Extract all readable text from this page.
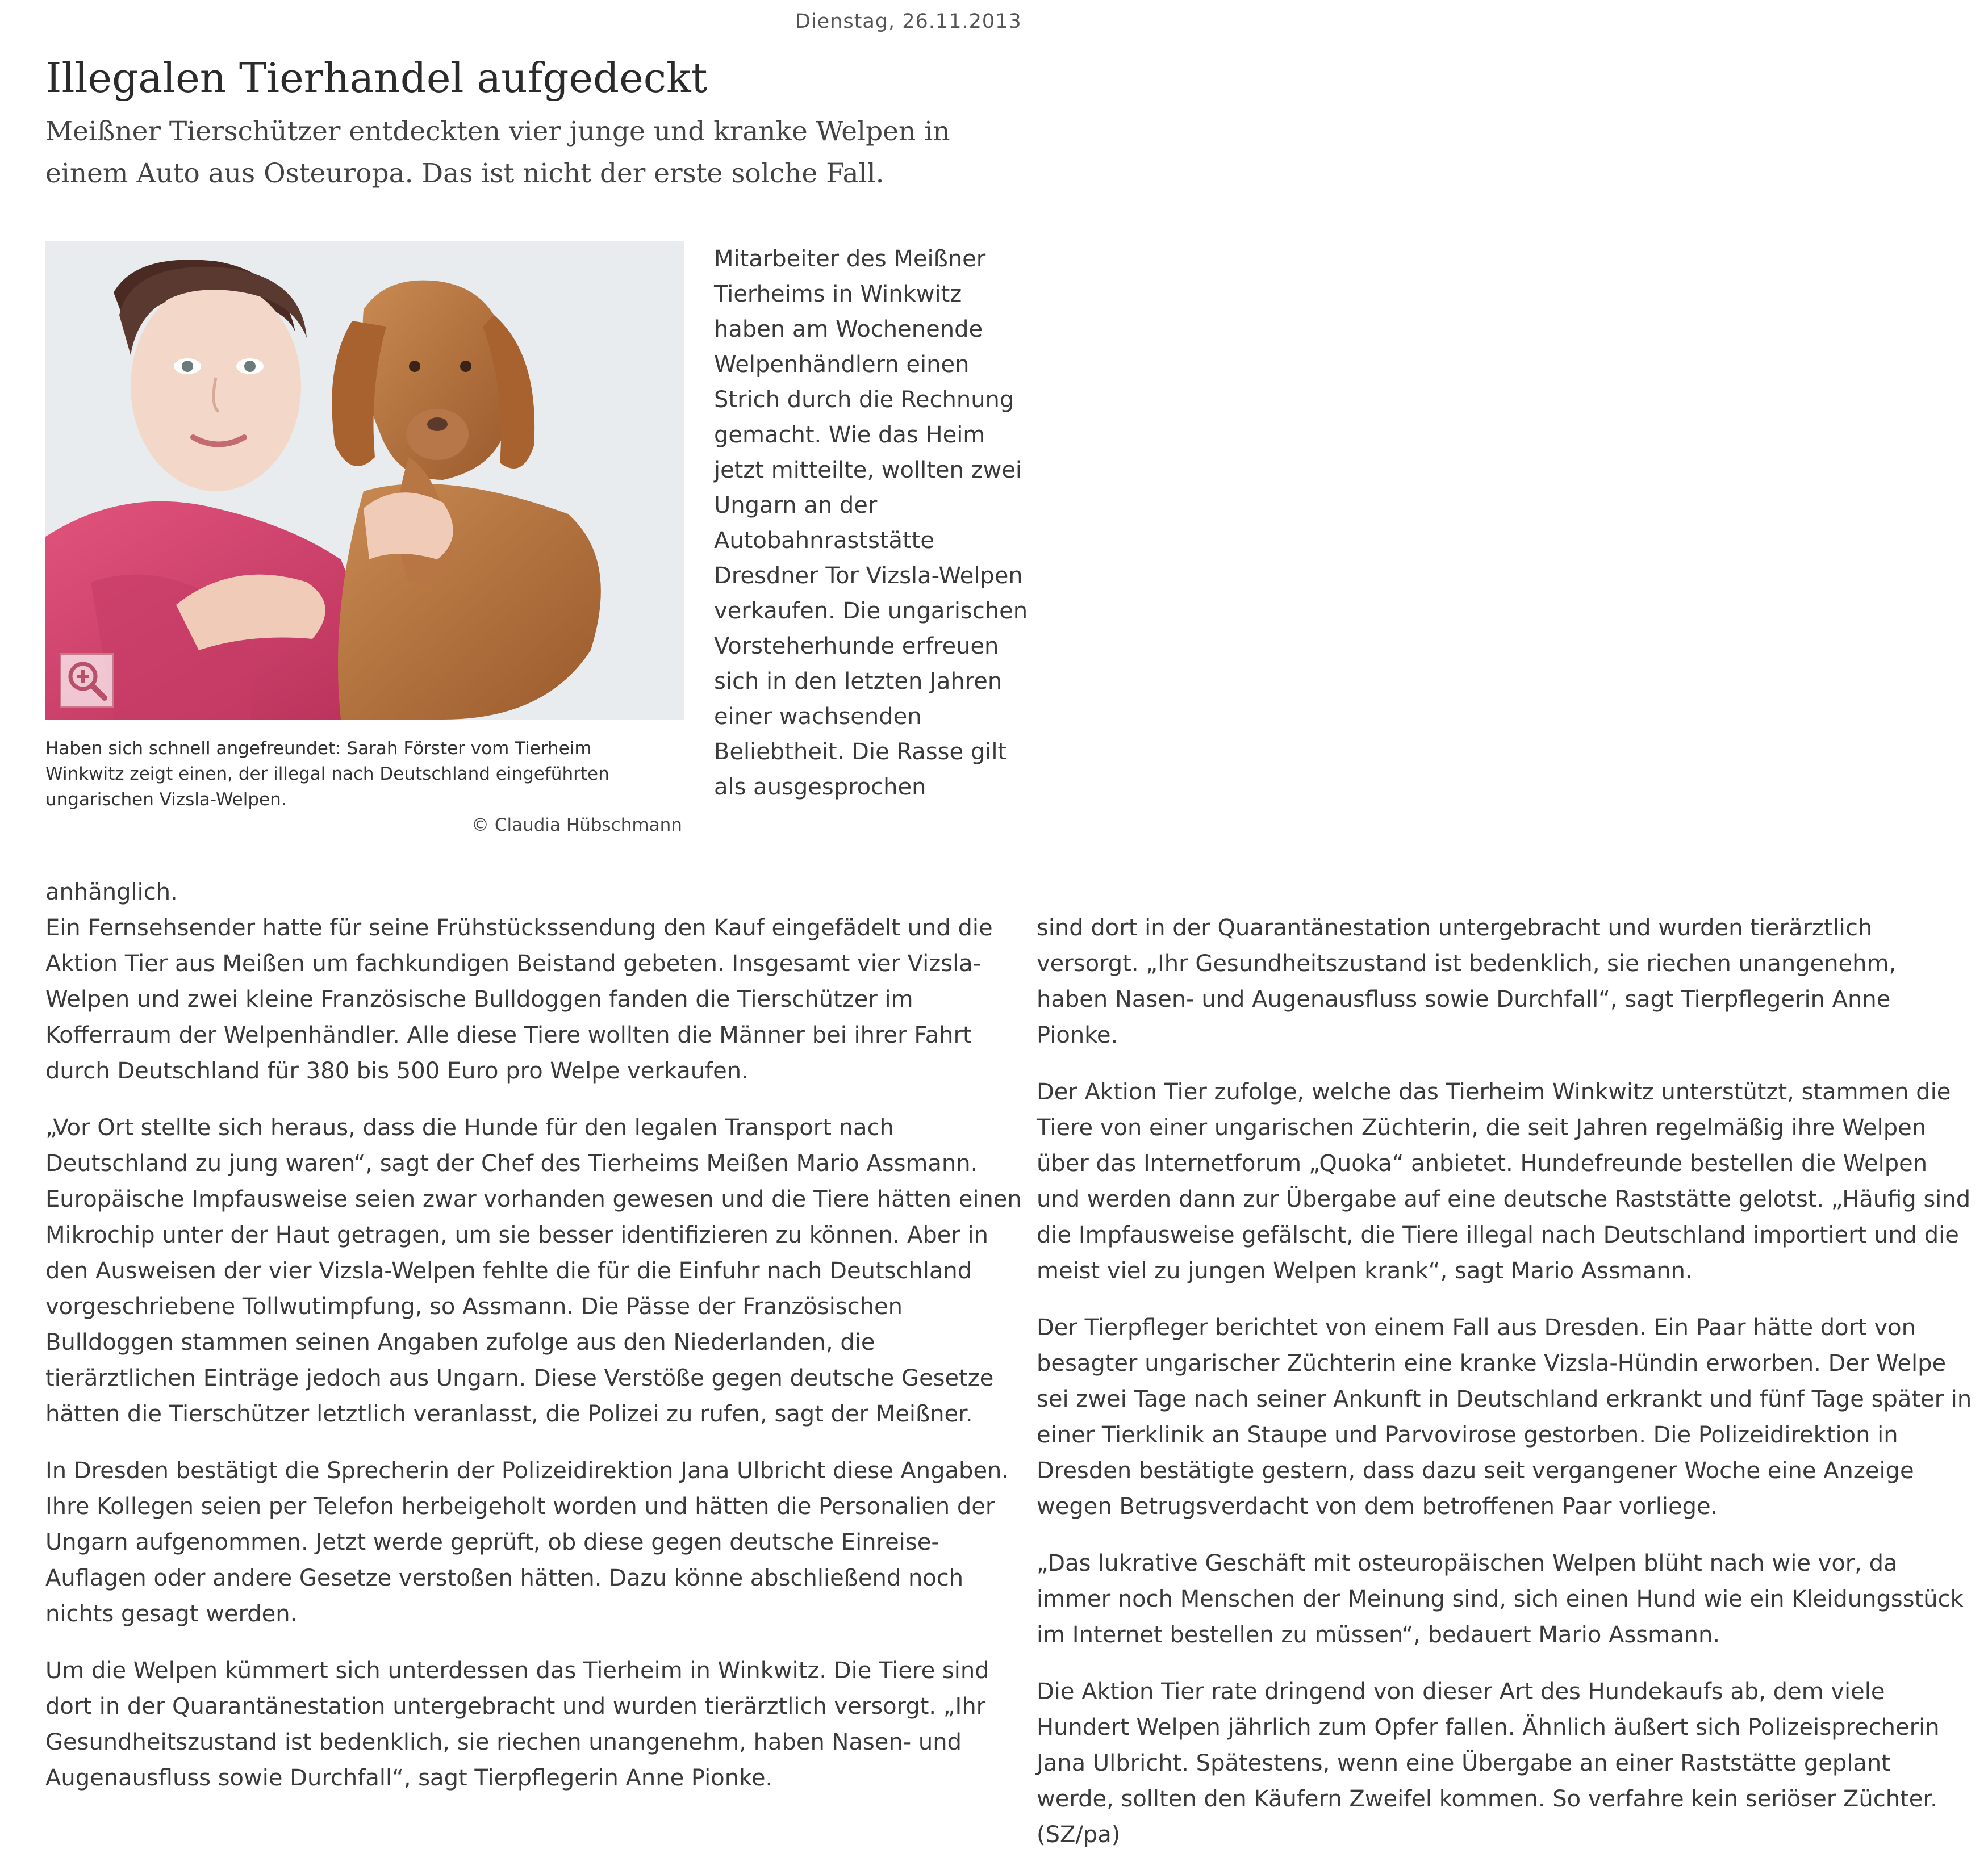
Dienstag, 26.11.2013
Illegalen Tierhandel aufgedeckt
Meißner Tierschützer entdeckten vier junge und kranke Welpen in einem Auto aus Osteuropa. Das ist nicht der erste solche Fall.
Haben sich schnell angefreundet: Sarah Förster vom Tierheim Winkwitz zeigt einen, der illegal nach Deutschland eingeführten ungarischen Vizsla-Welpen.
© Claudia Hübschmann

Mitarbeiter des Meißner Tierheims in Winkwitz haben am Wochenende Welpenhändlern einen Strich durch die Rechnung gemacht. Wie das Heim jetzt mitteilte, wollten zwei Ungarn an der Autobahnraststätte Dresdner Tor Vizsla-Welpen verkaufen. Die ungarischen Vorsteherhunde erfreuen sich in den letzten Jahren einer wachsenden Beliebtheit. Die Rasse gilt als ausgesprochen

anhänglich.

Ein Fernsehsender hatte für seine Frühstückssendung den Kauf eingefädelt und die Aktion Tier aus Meißen um fachkundigen Beistand gebeten. Insgesamt vier Vizsla-Welpen und zwei kleine Französische Bulldoggen fanden die Tierschützer im Kofferraum der Welpenhändler. Alle diese Tiere wollten die Männer bei ihrer Fahrt durch Deutschland für 380 bis 500 Euro pro Welpe verkaufen.

„Vor Ort stellte sich heraus, dass die Hunde für den legalen Transport nach Deutschland zu jung waren“, sagt der Chef des Tierheims Meißen Mario Assmann. Europäische Impfausweise seien zwar vorhanden gewesen und die Tiere hätten einen Mikrochip unter der Haut getragen, um sie besser identifizieren zu können. Aber in den Ausweisen der vier Vizsla-Welpen fehlte die für die Einfuhr nach Deutschland vorgeschriebene Tollwutimpfung, so Assmann. Die Pässe der Französischen Bulldoggen stammen seinen Angaben zufolge aus den Niederlanden, die tierärztlichen Einträge jedoch aus Ungarn. Diese Verstöße gegen deutsche Gesetze hätten die Tierschützer letztlich veranlasst, die Polizei zu rufen, sagt der Meißner.

In Dresden bestätigt die Sprecherin der Polizeidirektion Jana Ulbricht diese Angaben. Ihre Kollegen seien per Telefon herbeigeholt worden und hätten die Personalien der Ungarn aufgenommen. Jetzt werde geprüft, ob diese gegen deutsche Einreise-Auflagen oder andere Gesetze verstoßen hätten. Dazu könne abschließend noch nichts gesagt werden.

Um die Welpen kümmert sich unterdessen das Tierheim in Winkwitz. Die Tiere sind dort in der Quarantänestation untergebracht und wurden tierärztlich versorgt. „Ihr Gesundheitszustand ist bedenklich, sie riechen unangenehm, haben Nasen- und Augenausfluss sowie Durchfall“, sagt Tierpflegerin Anne Pionke.

sind dort in der Quarantänestation untergebracht und wurden tierärztlich versorgt. „Ihr Gesundheitszustand ist bedenklich, sie riechen unangenehm, haben Nasen- und Augenausfluss sowie Durchfall“, sagt Tierpflegerin Anne Pionke.

Der Aktion Tier zufolge, welche das Tierheim Winkwitz unterstützt, stammen die Tiere von einer ungarischen Züchterin, die seit Jahren regelmäßig ihre Welpen über das Internetforum „Quoka“ anbietet. Hundefreunde bestellen die Welpen und werden dann zur Übergabe auf eine deutsche Raststätte gelotst. „Häufig sind die Impfausweise gefälscht, die Tiere illegal nach Deutschland importiert und die meist viel zu jungen Welpen krank“, sagt Mario Assmann.

Der Tierpfleger berichtet von einem Fall aus Dresden. Ein Paar hätte dort von besagter ungarischer Züchterin eine kranke Vizsla-Hündin erworben. Der Welpe sei zwei Tage nach seiner Ankunft in Deutschland erkrankt und fünf Tage später in einer Tierklinik an Staupe und Parvovirose gestorben. Die Polizeidirektion in Dresden bestätigte gestern, dass dazu seit vergangener Woche eine Anzeige wegen Betrugsverdacht von dem betroffenen Paar vorliege.

„Das lukrative Geschäft mit osteuropäischen Welpen blüht nach wie vor, da immer noch Menschen der Meinung sind, sich einen Hund wie ein Kleidungsstück im Internet bestellen zu müssen“, bedauert Mario Assmann.

Die Aktion Tier rate dringend von dieser Art des Hundekaufs ab, dem viele Hundert Welpen jährlich zum Opfer fallen. Ähnlich äußert sich Polizeisprecherin Jana Ulbricht. Spätestens, wenn eine Übergabe an einer Raststätte geplant werde, sollten den Käufern Zweifel kommen. So verfahre kein seriöser Züchter. (SZ/pa)
